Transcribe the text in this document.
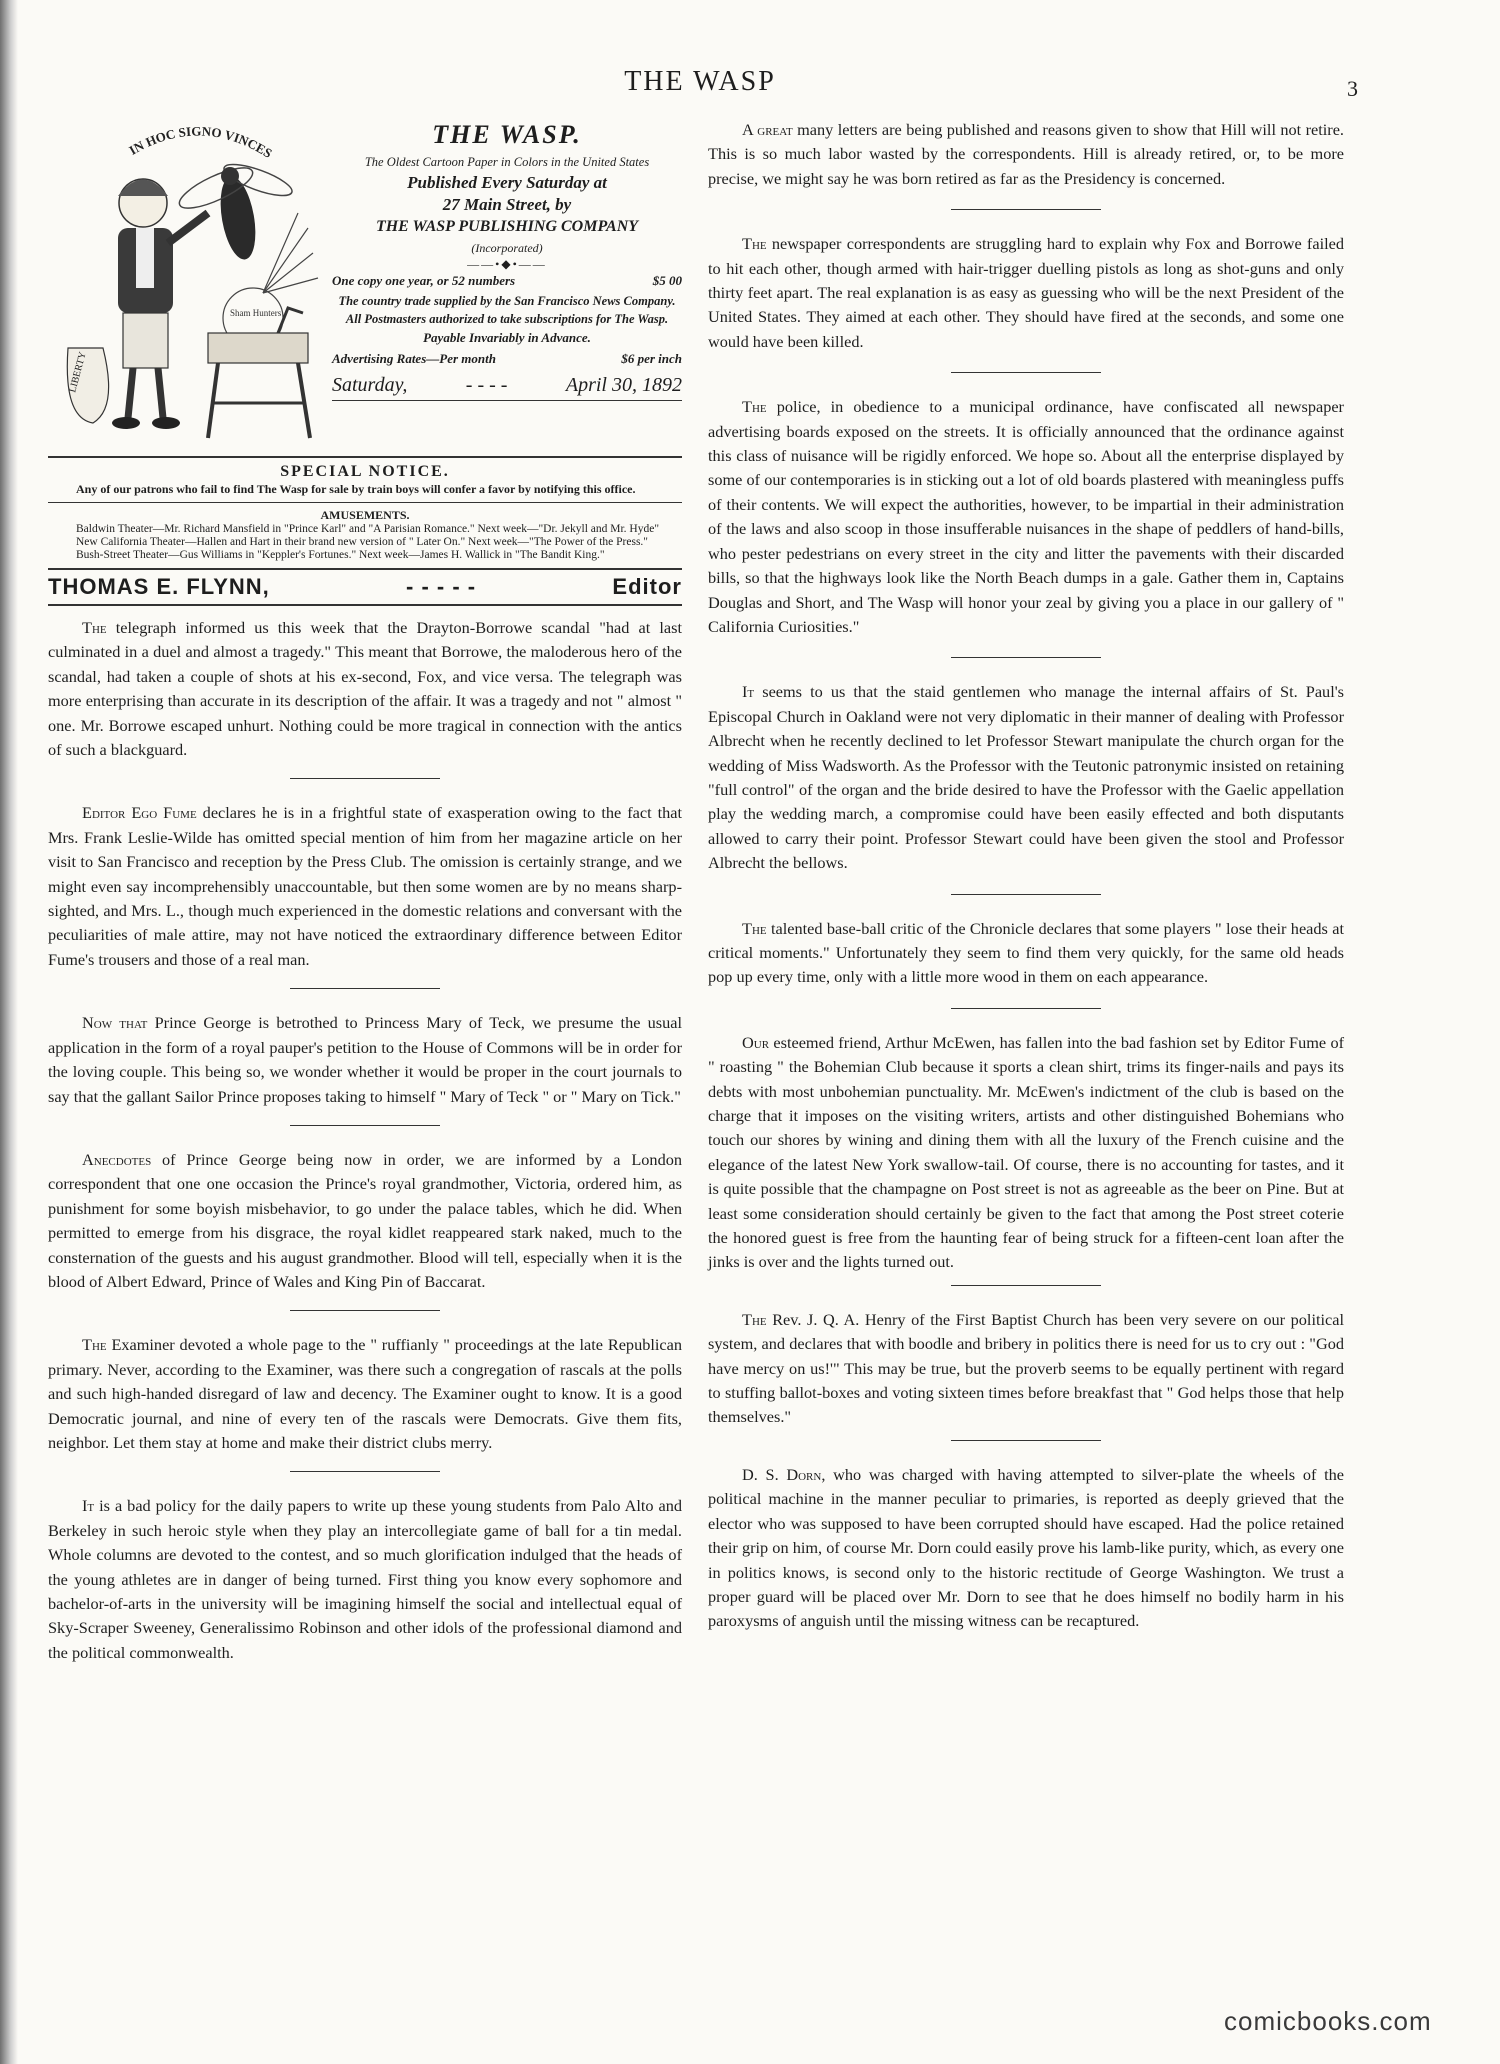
THE WASP	3
IN HOC SIGNO VINCES
LIBERTY
Sham Hunters
THE WASP.
The Oldest Cartoon Paper in Colors in the United States
Published Every Saturday at
27 Main Street, by
THE WASP PUBLISHING COMPANY
(Incorporated)
——•◆•——
One copy one year, or 52 numbers	$5 00
The country trade supplied by the San Francisco News Company. All Postmasters authorized to take subscriptions for The Wasp.
Payable Invariably in Advance.
Advertising Rates—Per month	$6 per inch
Saturday,	- - - -	April 30, 1892
SPECIAL NOTICE.
Any of our patrons who fail to find The Wasp for sale by train boys will confer a favor by notifying this office.
AMUSEMENTS.
Baldwin Theater—Mr. Richard Mansfield in "Prince Karl" and "A Parisian Romance." Next week—"Dr. Jekyll and Mr. Hyde"
New California Theater—Hallen and Hart in their brand new version of " Later On." Next week—"The Power of the Press."
Bush-Street Theater—Gus Williams in "Keppler's Fortunes." Next week—James H. Wallick in "The Bandit King."
THOMAS E. FLYNN,	- - - - -	Editor

The telegraph informed us this week that the Drayton-Borrowe scandal "had at last culminated in a duel and almost a tragedy." This meant that Borrowe, the maloderous hero of the scandal, had taken a couple of shots at his ex-second, Fox, and vice versa. The telegraph was more enterprising than accurate in its description of the affair. It was a tragedy and not " almost " one. Mr. Borrowe escaped unhurt. Nothing could be more tragical in connection with the antics of such a blackguard.

Editor Ego Fume declares he is in a frightful state of exasperation owing to the fact that Mrs. Frank Leslie-Wilde has omitted special mention of him from her magazine article on her visit to San Francisco and reception by the Press Club. The omission is certainly strange, and we might even say incomprehensibly unaccountable, but then some women are by no means sharp-sighted, and Mrs. L., though much experienced in the domestic relations and conversant with the peculiarities of male attire, may not have noticed the extraordinary difference between Editor Fume's trousers and those of a real man.

Now that Prince George is betrothed to Princess Mary of Teck, we presume the usual application in the form of a royal pauper's petition to the House of Commons will be in order for the loving couple. This being so, we wonder whether it would be proper in the court journals to say that the gallant Sailor Prince proposes taking to himself " Mary of Teck " or " Mary on Tick."

Anecdotes of Prince George being now in order, we are informed by a London correspondent that one one occasion the Prince's royal grandmother, Victoria, ordered him, as punishment for some boyish misbehavior, to go under the palace tables, which he did. When permitted to emerge from his disgrace, the royal kidlet reappeared stark naked, much to the consternation of the guests and his august grandmother. Blood will tell, especially when it is the blood of Albert Edward, Prince of Wales and King Pin of Baccarat.

The Examiner devoted a whole page to the " ruffianly " proceedings at the late Republican primary. Never, according to the Examiner, was there such a congregation of rascals at the polls and such high-handed disregard of law and decency. The Examiner ought to know. It is a good Democratic journal, and nine of every ten of the rascals were Democrats. Give them fits, neighbor. Let them stay at home and make their district clubs merry.

It is a bad policy for the daily papers to write up these young students from Palo Alto and Berkeley in such heroic style when they play an intercollegiate game of ball for a tin medal. Whole columns are devoted to the contest, and so much glorification indulged that the heads of the young athletes are in danger of being turned. First thing you know every sophomore and bachelor-of-arts in the university will be imagining himself the social and intellectual equal of Sky-Scraper Sweeney, Generalissimo Robinson and other idols of the professional diamond and the political commonwealth.

A great many letters are being published and reasons given to show that Hill will not retire. This is so much labor wasted by the correspondents. Hill is already retired, or, to be more precise, we might say he was born retired as far as the Presidency is concerned.

The newspaper correspondents are struggling hard to explain why Fox and Borrowe failed to hit each other, though armed with hair-trigger duelling pistols as long as shot-guns and only thirty feet apart. The real explanation is as easy as guessing who will be the next President of the United States. They aimed at each other. They should have fired at the seconds, and some one would have been killed.

The police, in obedience to a municipal ordinance, have confiscated all newspaper advertising boards exposed on the streets. It is officially announced that the ordinance against this class of nuisance will be rigidly enforced. We hope so. About all the enterprise displayed by some of our contemporaries is in sticking out a lot of old boards plastered with meaningless puffs of their contents. We will expect the authorities, however, to be impartial in their administration of the laws and also scoop in those insufferable nuisances in the shape of peddlers of hand-bills, who pester pedestrians on every street in the city and litter the pavements with their discarded bills, so that the highways look like the North Beach dumps in a gale. Gather them in, Captains Douglas and Short, and The Wasp will honor your zeal by giving you a place in our gallery of " California Curiosities."

It seems to us that the staid gentlemen who manage the internal affairs of St. Paul's Episcopal Church in Oakland were not very diplomatic in their manner of dealing with Professor Albrecht when he recently declined to let Professor Stewart manipulate the church organ for the wedding of Miss Wadsworth. As the Professor with the Teutonic patronymic insisted on retaining "full control" of the organ and the bride desired to have the Professor with the Gaelic appellation play the wedding march, a compromise could have been easily effected and both disputants allowed to carry their point. Professor Stewart could have been given the stool and Professor Albrecht the bellows.

The talented base-ball critic of the Chronicle declares that some players " lose their heads at critical moments." Unfortunately they seem to find them very quickly, for the same old heads pop up every time, only with a little more wood in them on each appearance.

Our esteemed friend, Arthur McEwen, has fallen into the bad fashion set by Editor Fume of " roasting " the Bohemian Club because it sports a clean shirt, trims its finger-nails and pays its debts with most unbohemian punctuality. Mr. McEwen's indictment of the club is based on the charge that it imposes on the visiting writers, artists and other distinguished Bohemians who touch our shores by wining and dining them with all the luxury of the French cuisine and the elegance of the latest New York swallow-tail. Of course, there is no accounting for tastes, and it is quite possible that the champagne on Post street is not as agreeable as the beer on Pine. But at least some consideration should certainly be given to the fact that among the Post street coterie the honored guest is free from the haunting fear of being struck for a fifteen-cent loan after the jinks is over and the lights turned out.

The Rev. J. Q. A. Henry of the First Baptist Church has been very severe on our political system, and declares that with boodle and bribery in politics there is need for us to cry out : "God have mercy on us!'" This may be true, but the proverb seems to be equally pertinent with regard to stuffing ballot-boxes and voting sixteen times before breakfast that " God helps those that help themselves."

D. S. Dorn, who was charged with having attempted to silver-plate the wheels of the political machine in the manner peculiar to primaries, is reported as deeply grieved that the elector who was supposed to have been corrupted should have escaped. Had the police retained their grip on him, of course Mr. Dorn could easily prove his lamb-like purity, which, as every one in politics knows, is second only to the historic rectitude of George Washington. We trust a proper guard will be placed over Mr. Dorn to see that he does himself no bodily harm in his paroxysms of anguish until the missing witness can be recaptured.

comicbooks.com
